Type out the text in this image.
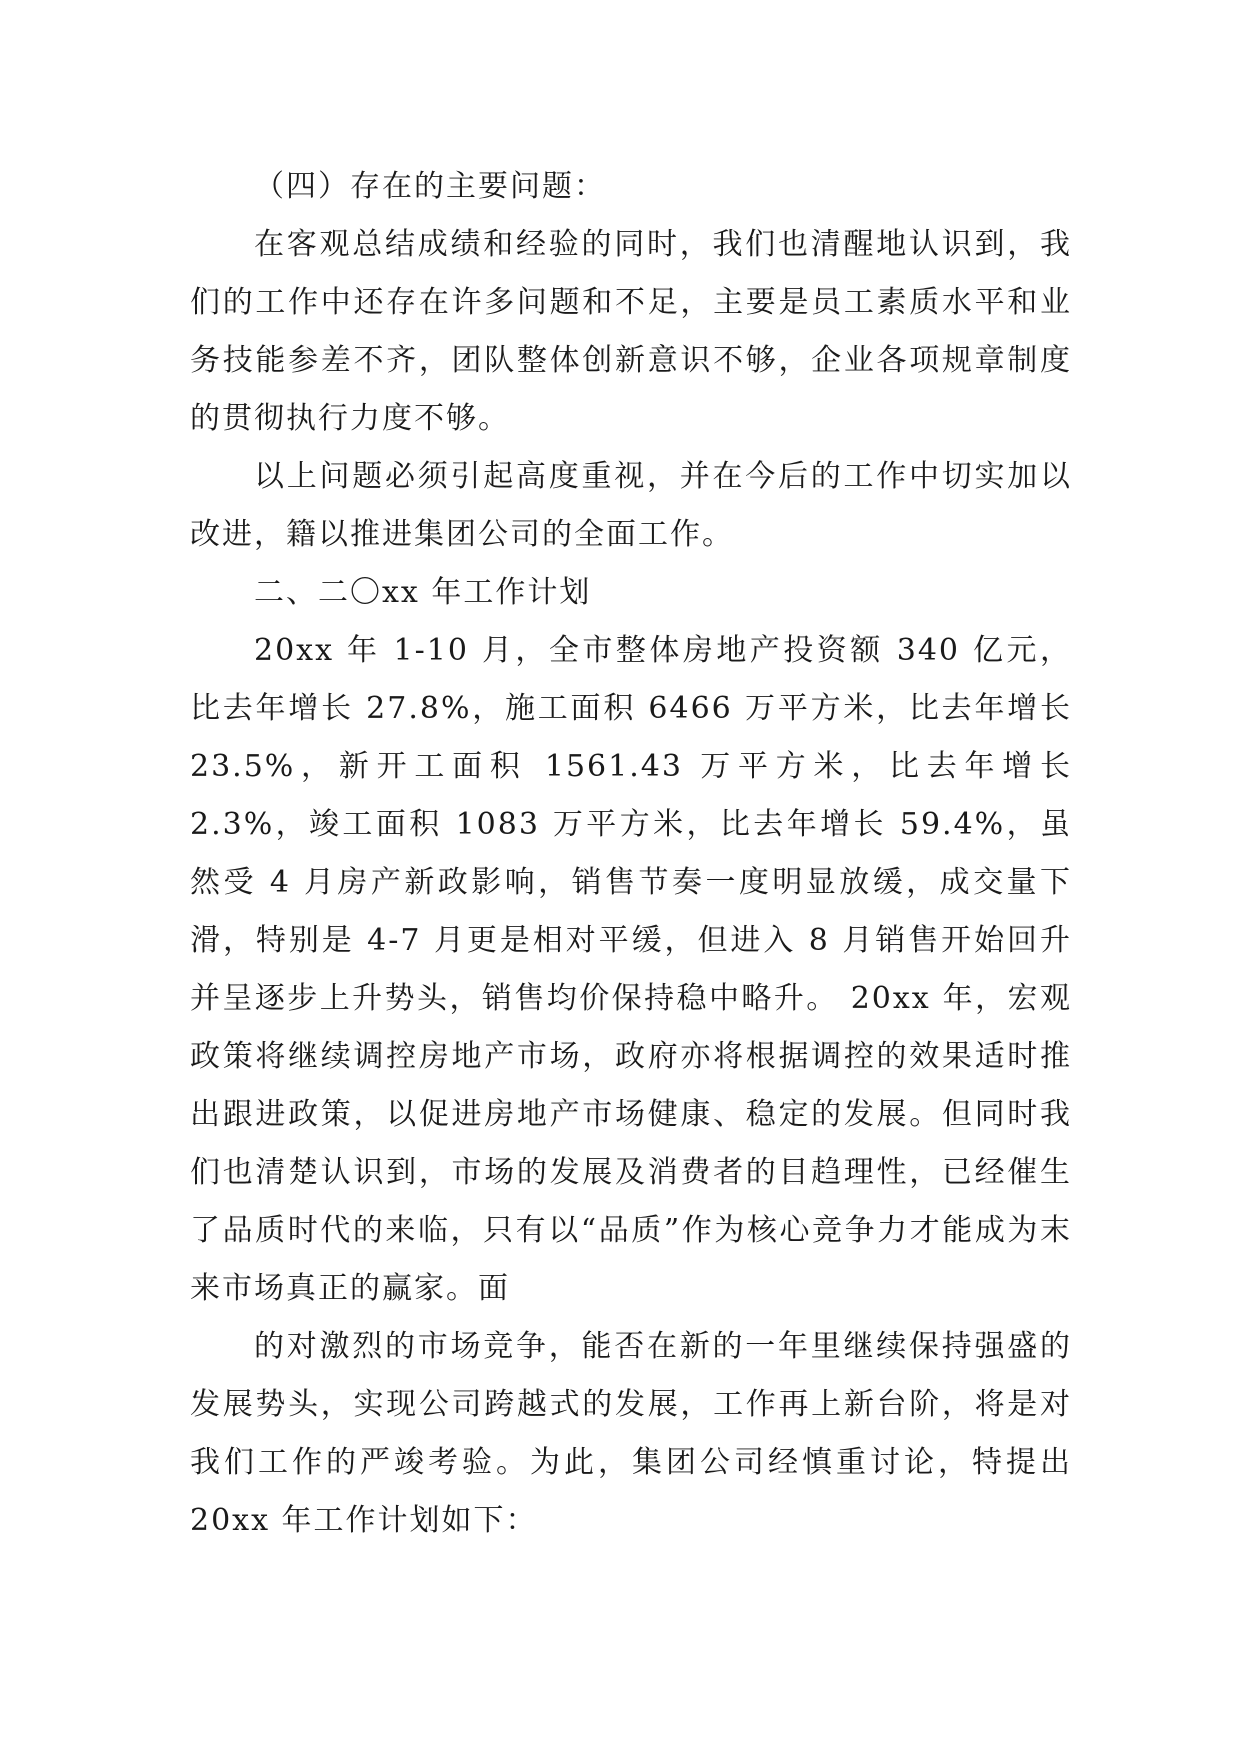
（四）存在的主要问题：

在客观总结成绩和经验的同时，我们也清醒地认识到，我们的工作中还存在许多问题和不足，主要是员工素质水平和业务技能参差不齐，团队整体创新意识不够，企业各项规章制度的贯彻执行力度不够。

以上问题必须引起高度重视，并在今后的工作中切实加以改进，籍以推进集团公司的全面工作。

二、二〇xx 年工作计划

20xx 年 1-10 月，全市整体房地产投资额 340 亿元，比去年增长 27.8%，施工面积 6466 万平方米，比去年增长 23.5%，新开工面积 1561.43 万平方米，比去年增长 2.3%，竣工面积 1083 万平方米，比去年增长 59.4%，虽然受 4 月房产新政影响，销售节奏一度明显放缓，成交量下滑，特别是 4-7 月更是相对平缓，但进入 8 月销售开始回升并呈逐步上升势头，销售均价保持稳中略升。 20xx 年，宏观政策将继续调控房地产市场，政府亦将根据调控的效果适时推出跟进政策，以促进房地产市场健康、稳定的发展。但同时我们也清楚认识到，市场的发展及消费者的目趋理性，已经催生了品质时代的来临，只有以“品质”作为核心竞争力才能成为末来市场真正的赢家。面

的对激烈的市场竞争，能否在新的一年里继续保持强盛的发展势头，实现公司跨越式的发展，工作再上新台阶，将是对我们工作的严竣考验。为此，集团公司经慎重讨论，特提出 20xx 年工作计划如下：
